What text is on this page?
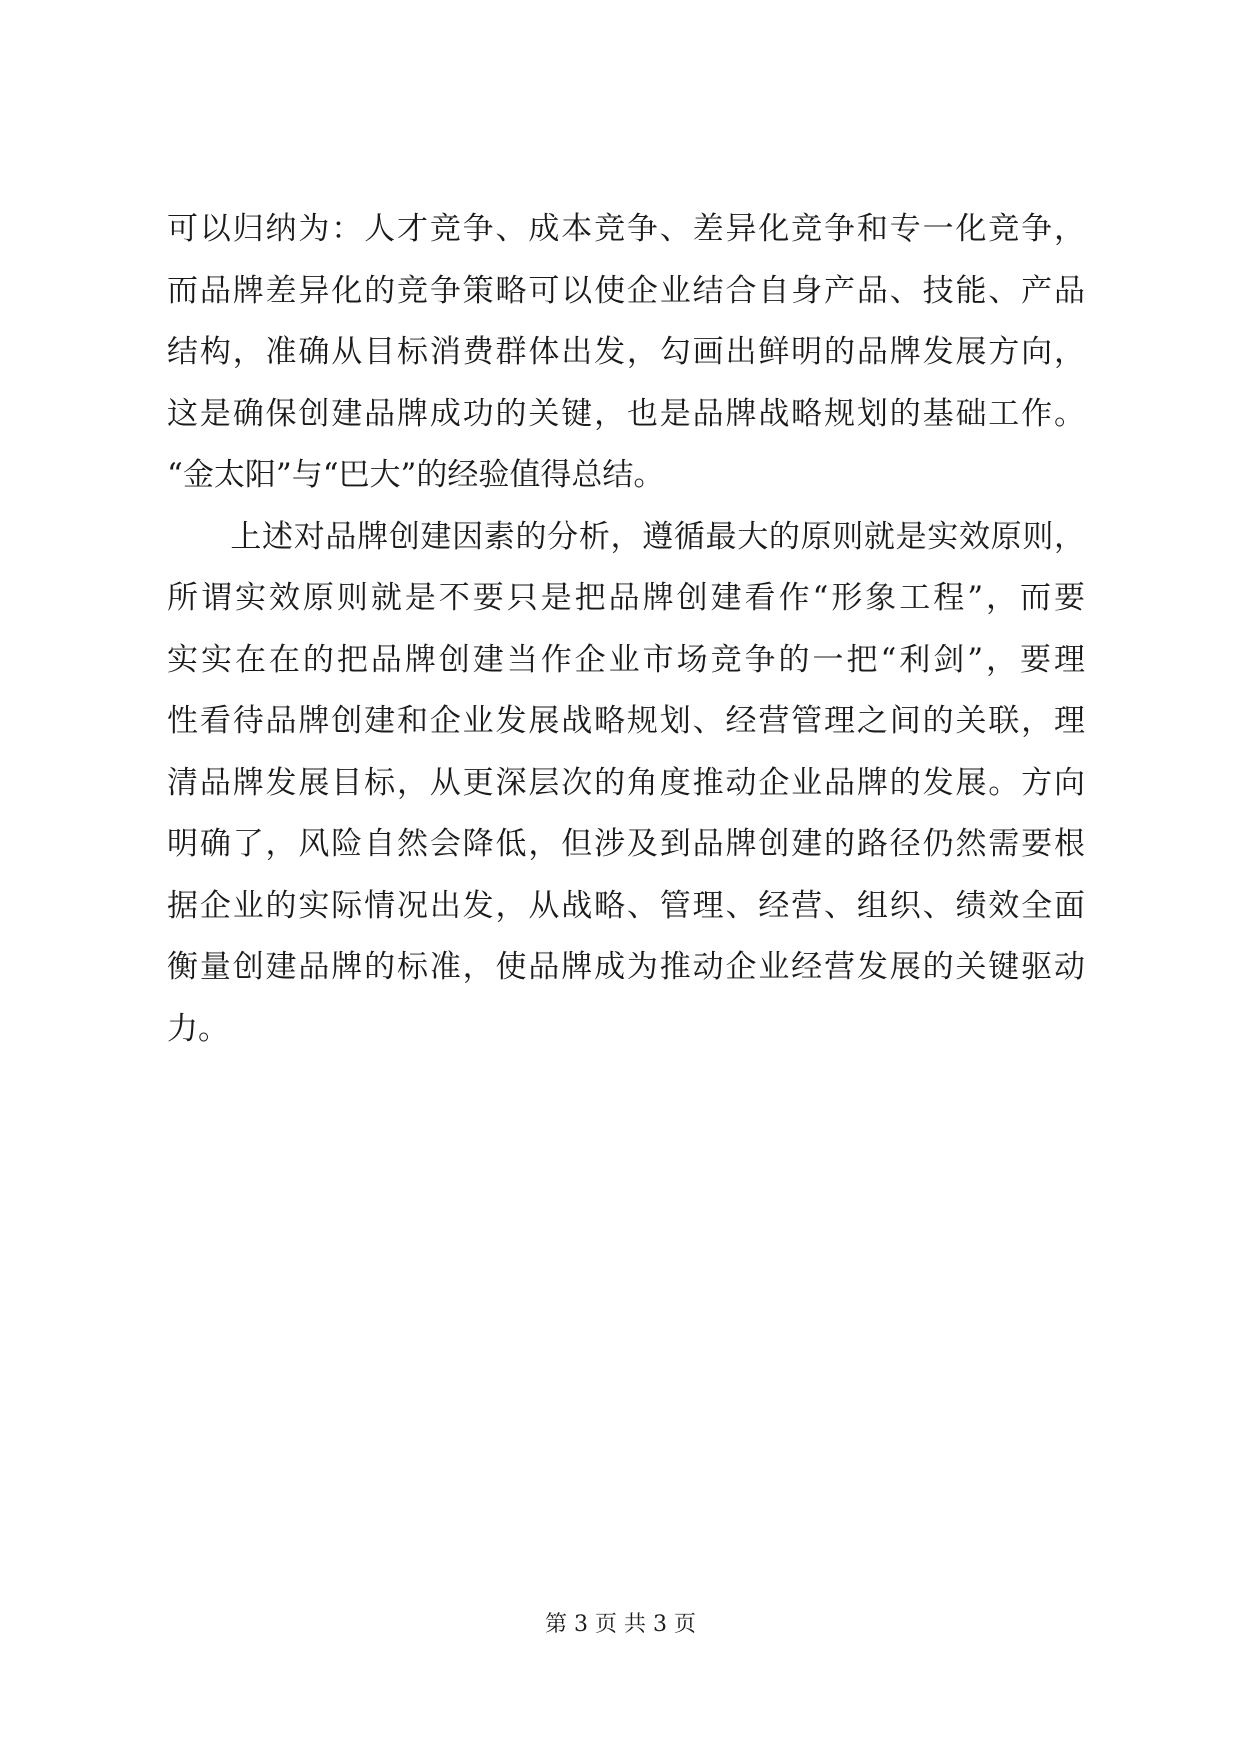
可以归纳为：人才竞争、成本竞争、差异化竞争和专一化竞争，
而品牌差异化的竞争策略可以使企业结合自身产品、技能、产品
结构，准确从目标消费群体出发，勾画出鲜明的品牌发展方向，
这是确保创建品牌成功的关键，也是品牌战略规划的基础工作。
“金太阳”与“巴大”的经验值得总结。
　　上述对品牌创建因素的分析，遵循最大的原则就是实效原则，
所谓实效原则就是不要只是把品牌创建看作“形象工程”，而要
实实在在的把品牌创建当作企业市场竞争的一把“利剑”，要理
性看待品牌创建和企业发展战略规划、经营管理之间的关联，理
清品牌发展目标，从更深层次的角度推动企业品牌的发展。方向
明确了，风险自然会降低，但涉及到品牌创建的路径仍然需要根
据企业的实际情况出发，从战略、管理、经营、组织、绩效全面
衡量创建品牌的标准，使品牌成为推动企业经营发展的关键驱动
力。
第 3 页 共 3 页
